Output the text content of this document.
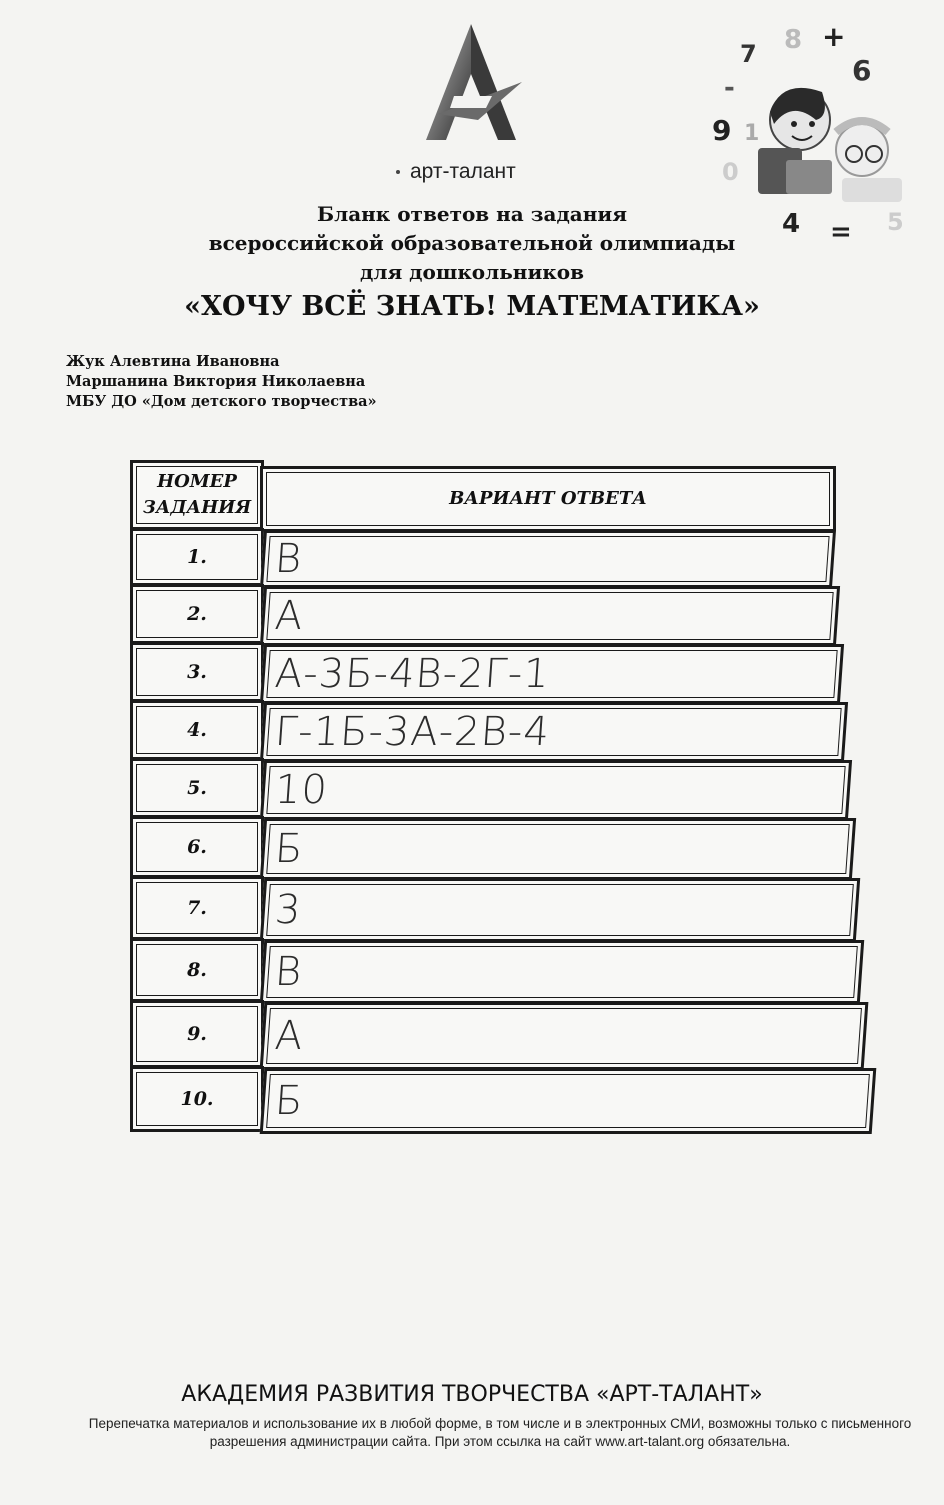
арт-талант
7 8 +
6
-
9 1
0
4 = 5
Бланк ответов на задания
всероссийской образовательной олимпиады
для дошкольников
«ХОЧУ ВСЁ ЗНАТЬ! МАТЕМАТИКА»
Жук Алевтина Ивановна
Маршанина Виктория Николаевна
МБУ ДО «Дом детского творчества»
НОМЕР ЗАДАНИЯ	ВАРИАНТ ОТВЕТА
1. В
2. А
3. А-3Б-4В-2Г-1
4. Г-1Б-3А-2В-4
5. 10
6. Б
7. 3
8. В
9. А
10. Б
АКАДЕМИЯ РАЗВИТИЯ ТВОРЧЕСТВА «АРТ-ТАЛАНТ»
Перепечатка материалов и использование их в любой форме, в том числе и в электронных СМИ, возможны только с письменного разрешения администрации сайта. При этом ссылка на сайт www.art-talant.org обязательна.
